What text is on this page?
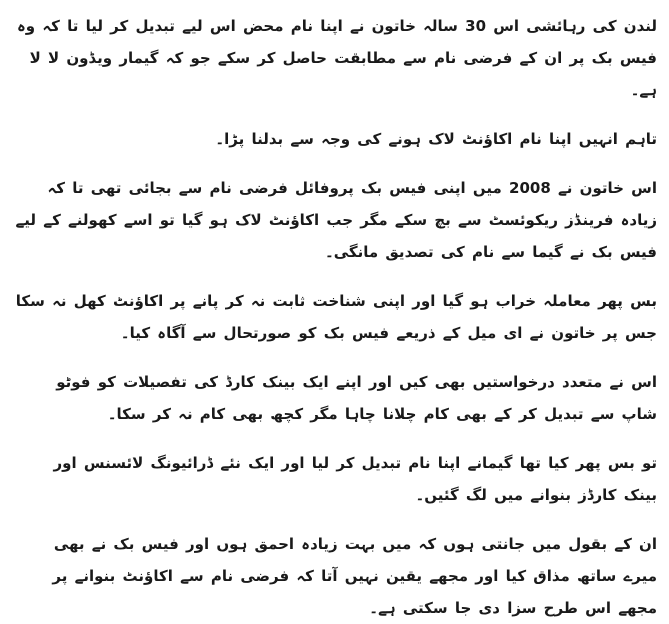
لندن کی رہائشی اس 30 سالہ خاتون نے اپنا نام محض اس لیے تبدیل کر لیا تا کہ وہ فیس بک پر ان کے فرضی نام سے مطابقت حاصل کر سکے جو کہ گیمار ویڈون لا لا ہے۔

تاہم انہیں اپنا نام اکاؤنٹ لاک ہونے کی وجہ سے بدلنا پڑا۔

اس خاتون نے 2008 میں اپنی فیس بک پروفائل فرضی نام سے بجائی تھی تا کہ زیادہ فرینڈز ریکوئسٹ سے بچ سکے مگر جب اکاؤنٹ لاک ہو گیا تو اسے کھولنے کے لیے فیس بک نے گیما سے نام کی تصدیق مانگی۔

بس پھر معاملہ خراب ہو گیا اور اپنی شناخت ثابت نہ کر پانے پر اکاؤنٹ کھل نہ سکا جس پر خاتون نے ای میل کے ذریعے فیس بک کو صورتحال سے آگاہ کیا۔

اس نے متعدد درخواستیں بھی کیں اور اپنے ایک بینک کارڈ کی تفصیلات کو فوٹو شاپ سے تبدیل کر کے بھی کام چلانا چاہا مگر کچھ بھی کام نہ کر سکا۔

تو بس پھر کیا تھا گیمانے اپنا نام تبدیل کر لیا اور ایک نئے ڈرائیونگ لائسنس اور بینک کارڈز بنوانے میں لگ گئیں۔

ان کے بقول میں جانتی ہوں کہ میں بہت زیادہ احمق ہوں اور فیس بک نے بھی میرے ساتھ مذاق کیا اور مجھے یقین نہیں آتا کہ فرضی نام سے اکاؤنٹ بنوانے پر مجھے اس طرح سزا دی جا سکتی ہے۔
